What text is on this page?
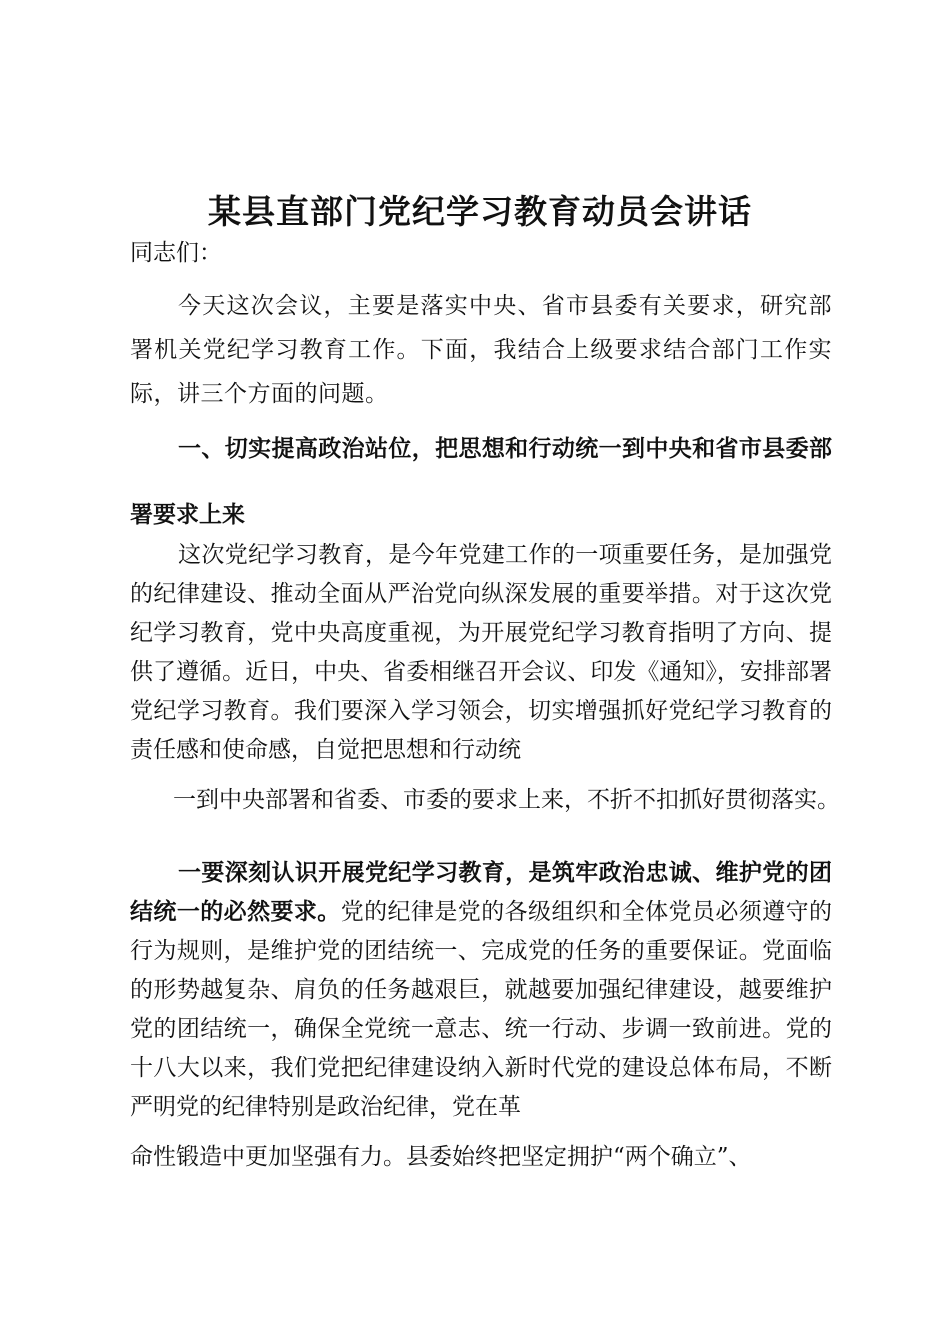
某县直部门党纪学习教育动员会讲话

同志们：

今天这次会议，主要是落实中央、省市县委有关要求，研究部署机关党纪学习教育工作。下面，我结合上级要求结合部门工作实际，讲三个方面的问题。

一、切实提高政治站位，把思想和行动统一到中央和省市县委部署要求上来

这次党纪学习教育，是今年党建工作的一项重要任务，是加强党的纪律建设、推动全面从严治党向纵深发展的重要举措。对于这次党纪学习教育，党中央高度重视，为开展党纪学习教育指明了方向、提供了遵循。近日，中央、省委相继召开会议、印发《通知》，安排部署党纪学习教育。我们要深入学习领会，切实增强抓好党纪学习教育的责任感和使命感，自觉把思想和行动统

一到中央部署和省委、市委的要求上来，不折不扣抓好贯彻落实。

一要深刻认识开展党纪学习教育，是筑牢政治忠诚、维护党的团结统一的必然要求。党的纪律是党的各级组织和全体党员必须遵守的行为规则，是维护党的团结统一、完成党的任务的重要保证。党面临的形势越复杂、肩负的任务越艰巨，就越要加强纪律建设，越要维护党的团结统一，确保全党统一意志、统一行动、步调一致前进。党的十八大以来，我们党把纪律建设纳入新时代党的建设总体布局，不断严明党的纪律特别是政治纪律，党在革

命性锻造中更加坚强有力。县委始终把坚定拥护“两个确立”、
